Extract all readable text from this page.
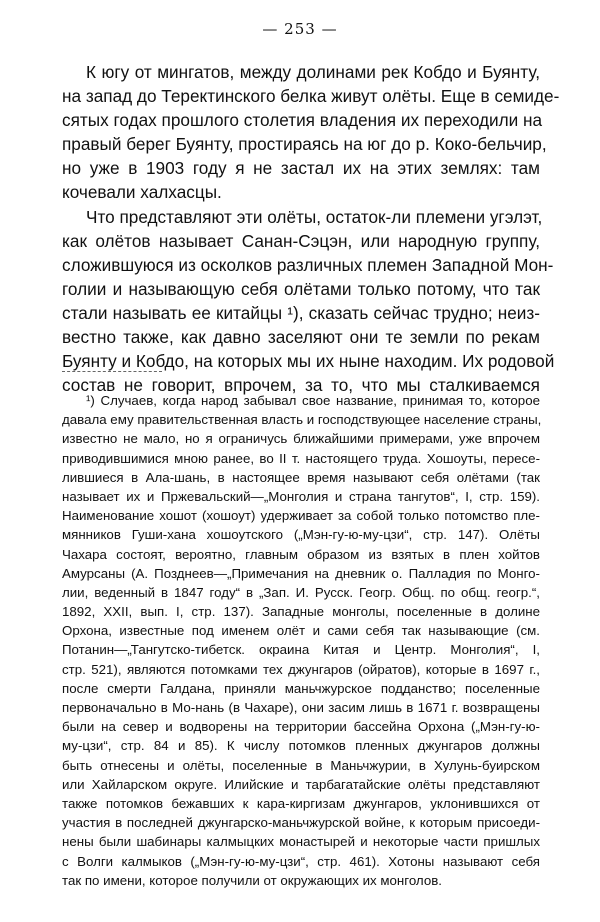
— 253 —
К югу от мингатов, между долинами рек Кобдо и Буянту,
на запад до Теректинского белка живут олёты. Еще в семиде-
сятых годах прошлого столетия владения их переходили на
правый берег Буянту, простираясь на юг до р. Коко-бельчир,
но уже в 1903 году я не застал их на этих землях: там
кочевали халхасцы.
Что представляют эти олёты, остаток-ли племени угэлэт,
как олётов называет Санан-Сэцэн, или народную группу,
сложившуюся из осколков различных племен Западной Мон-
голии и называющую себя олётами только потому, что так
стали называть ее китайцы ¹), сказать сейчас трудно; неиз-
вестно также, как давно заселяют они те земли по рекам
Буянту и Кобдо, на которых мы их ныне находим. Их родовой
состав не говорит, впрочем, за то, что мы сталкиваемся
¹) Случаев, когда народ забывал свое название, принимая то, которое
давала ему правительственная власть и господствующее население страны,
известно не мало, но я ограничусь ближайшими примерами, уже впрочем
приводившимися мною ранее, во II т. настоящего труда. Хошоуты, пересе-
лившиеся в Ала-шань, в настоящее время называют себя олётами (так
называет их и Пржевальский—„Монголия и страна тангутов“, I, стр. 159).
Наименование хошот (хошоут) удерживает за собой только потомство пле-
мянников Гуши-хана хошоутского („Мэн-гу-ю-му-цзи“, стр. 147). Олёты
Чахара состоят, вероятно, главным образом из взятых в плен хойтов
Амурсаны (А. Позднеев—„Примечания на дневник о. Палладия по Монго-
лии, веденный в 1847 году“ в „Зап. И. Русск. Геогр. Общ. по общ. геогр.“,
1892, XXII, вып. I, стр. 137). Западные монголы, поселенные в долине
Орхона, известные под именем олёт и сами себя так называющие (см.
Потанин—„Тангутско-тибетск. окраина Китая и Центр. Монголия“, I,
стр. 521), являются потомками тех джунгаров (ойратов), которые в 1697 г.,
после смерти Галдана, приняли маньчжурское подданство; поселенные
первоначально в Мо-нань (в Чахаре), они засим лишь в 1671 г. возвращены
были на север и водворены на территории бассейна Орхона („Мэн-гу-ю-
му-цзи“, стр. 84 и 85). К числу потомков пленных джунгаров должны
быть отнесены и олёты, поселенные в Маньчжурии, в Хулунь-буирском
или Хайларском округе. Илийские и тарбагатайские олёты представляют
также потомков бежавших к кара-киргизам джунгаров, уклонившихся от
участия в последней джунгарско-маньчжурской войне, к которым присоеди-
нены были шабинары калмыцких монастырей и некоторые части пришлых
с Волги калмыков („Мэн-гу-ю-му-цзи“, стр. 461). Хотоны называют себя
так по имени, которое получили от окружающих их монголов.
